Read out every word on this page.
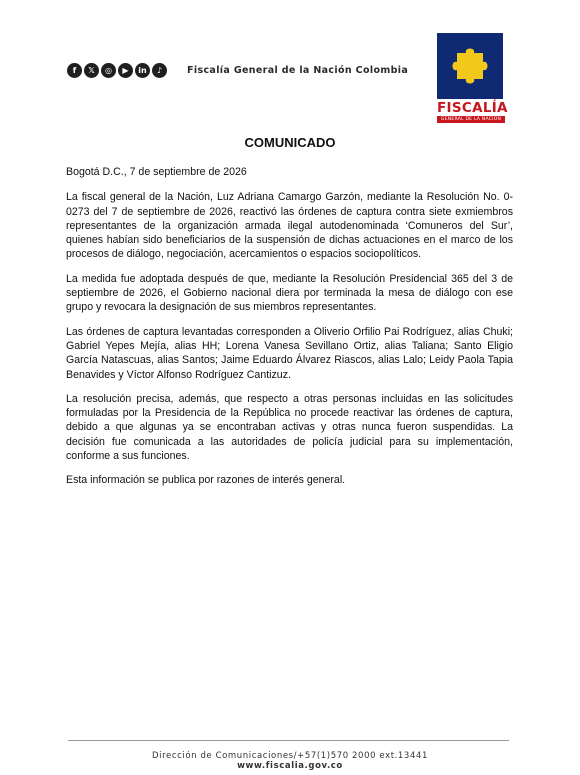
f	𝕏	◎	▶	in	♪	Fiscalía General de la Nación Colombia
FISCALÍA
GENERAL DE LA NACIÓN
COMUNICADO

Bogotá D.C., 7 de septiembre de 2026

La fiscal general de la Nación, Luz Adriana Camargo Garzón, mediante la Resolución No. 0-0273 del 7 de septiembre de 2026, reactivó las órdenes de captura contra siete exmiembros representantes de la organización armada ilegal autodenominada ‘Comuneros del Sur’, quienes habían sido beneficiarios de la suspensión de dichas actuaciones en el marco de los procesos de diálogo, negociación, acercamientos o espacios sociopolíticos.

La medida fue adoptada después de que, mediante la Resolución Presidencial 365 del 3 de septiembre de 2026, el Gobierno nacional diera por terminada la mesa de diálogo con ese grupo y revocara la designación de sus miembros representantes.

Las órdenes de captura levantadas corresponden a Oliverio Orfilio Pai Rodríguez, alias Chuki; Gabriel Yepes Mejía, alias HH; Lorena Vanesa Sevillano Ortiz, alias Taliana; Santo Eligio García Natascuas, alias Santos; Jaime Eduardo Álvarez Riascos, alias Lalo; Leidy Paola Tapia Benavides y Víctor Alfonso Rodríguez Cantizuz.

La resolución precisa, además, que respecto a otras personas incluidas en las solicitudes formuladas por la Presidencia de la República no procede reactivar las órdenes de captura, debido a que algunas ya se encontraban activas y otras nunca fueron suspendidas. La decisión fue comunicada a las autoridades de policía judicial para su implementación, conforme a sus funciones.

Esta información se publica por razones de interés general.

Dirección de Comunicaciones/+57(1)570 2000 ext.13441
www.fiscalia.gov.co
